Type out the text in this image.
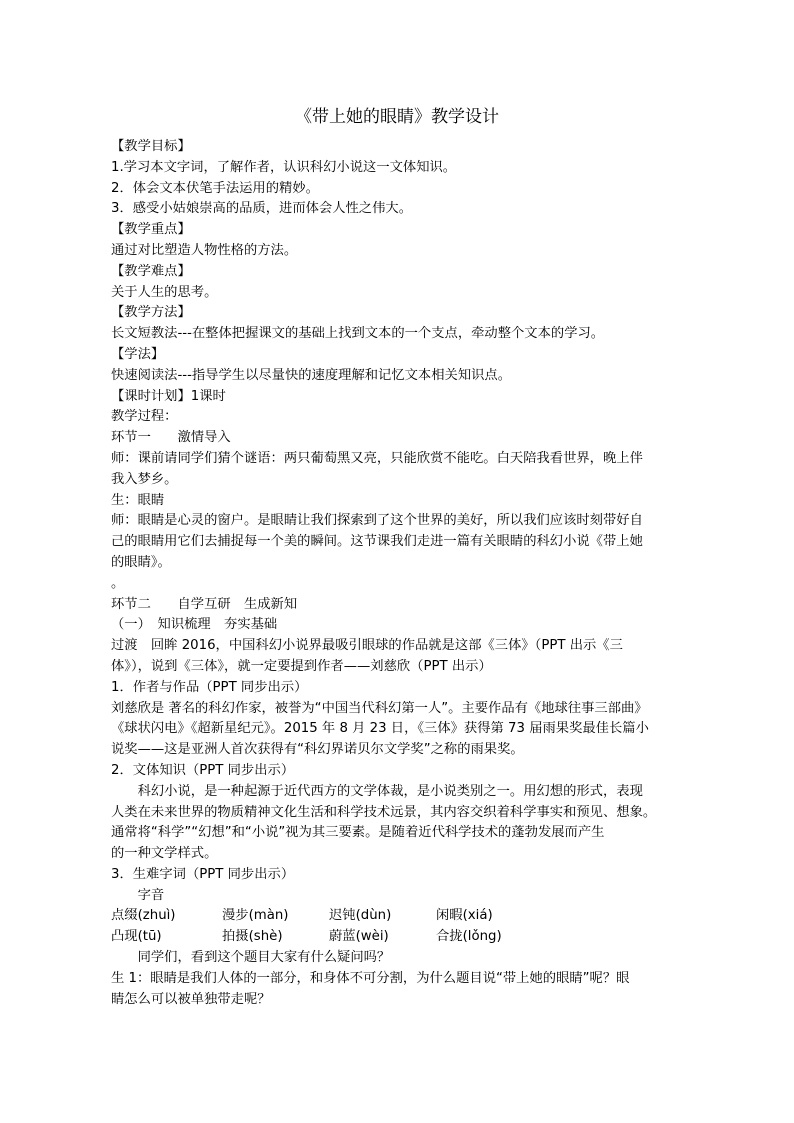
《带上她的眼睛》教学设计
【教学目标】
1.学习本文字词，了解作者，认识科幻小说这一文体知识。
2．体会文本伏笔手法运用的精妙。
3．感受小姑娘崇高的品质，进而体会人性之伟大。
【教学重点】
通过对比塑造人物性格的方法。
【教学难点】
关于人生的思考。
【教学方法】
长文短教法---在整体把握课文的基础上找到文本的一个支点，牵动整个文本的学习。
【学法】
快速阅读法---指导学生以尽量快的速度理解和记忆文本相关知识点。
【课时计划】1课时
教学过程：
环节一　　激情导入
师：课前请同学们猜个谜语：两只葡萄黑又亮，只能欣赏不能吃。白天陪我看世界，晚上伴
我入梦乡。
生：眼睛
师：眼睛是心灵的窗户。是眼睛让我们探索到了这个世界的美好，所以我们应该时刻带好自
己的眼睛用它们去捕捉每一个美的瞬间。这节课我们走进一篇有关眼睛的科幻小说《带上她
的眼睛》。
。
环节二　　自学互研　生成新知
（一）　知识梳理　夯实基础
过渡　回眸 2016，中国科幻小说界最吸引眼球的作品就是这部《三体》（PPT 出示《三
体》），说到《三体》，就一定要提到作者——刘慈欣（PPT 出示）
1．作者与作品（PPT 同步出示）
刘慈欣是 著名的科幻作家，被誉为“中国当代科幻第一人”。主要作品有《地球往事三部曲》
《球状闪电》《超新星纪元》。2015 年 8 月 23 日，《三体》获得第 73 届雨果奖最佳长篇小
说奖——这是亚洲人首次获得有“科幻界诺贝尔文学奖”之称的雨果奖。
2．文体知识（PPT 同步出示）
　　科幻小说，是一种起源于近代西方的文学体裁，是小说类别之一。用幻想的形式，表现
人类在未来世界的物质精神文化生活和科学技术远景，其内容交织着科学事实和预见、想象。
通常将“科学”“幻想”和“小说”视为其三要素。是随着近代科学技术的蓬勃发展而产生
的一种文学样式。
3．生难字词（PPT 同步出示）
　　字音
点缀(zhuì)	漫步(màn)	迟钝(dùn)	闲暇(xiá)
凸现(tū)	拍摄(shè)	蔚蓝(wèi)	合拢(lǒng)
　　同学们，看到这个题目大家有什么疑问吗？
生 1：眼睛是我们人体的一部分，和身体不可分割，为什么题目说“带上她的眼睛”呢？眼
睛怎么可以被单独带走呢？
